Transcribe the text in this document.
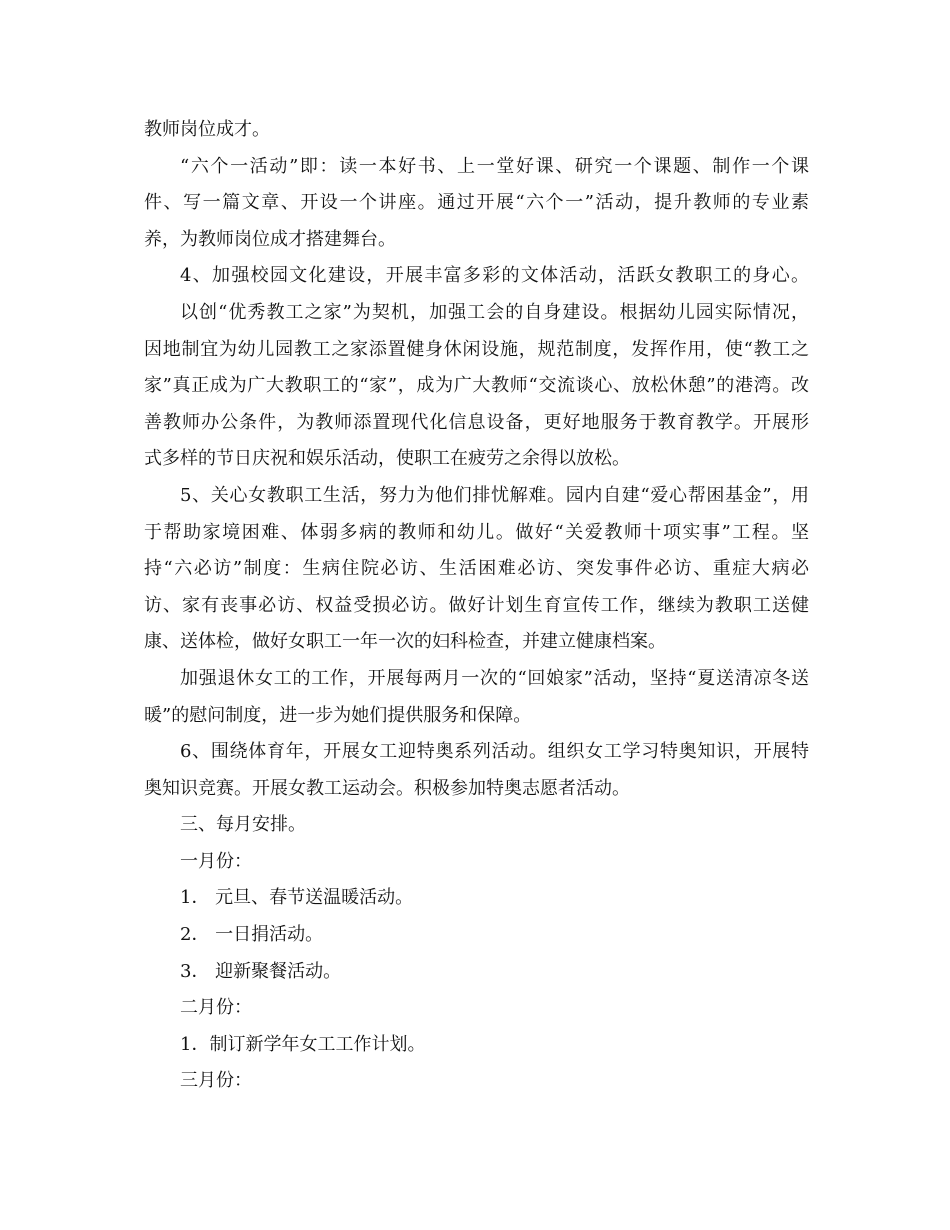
教师岗位成才。

“六个一活动”即：读一本好书、上一堂好课、研究一个课题、制作一个课

件、写一篇文章、开设一个讲座。通过开展“六个一”活动，提升教师的专业素

养，为教师岗位成才搭建舞台。

4、加强校园文化建设，开展丰富多彩的文体活动，活跃女教职工的身心。

以创“优秀教工之家”为契机，加强工会的自身建设。根据幼儿园实际情况，

因地制宜为幼儿园教工之家添置健身休闲设施，规范制度，发挥作用，使“教工之

家”真正成为广大教职工的“家”，成为广大教师“交流谈心、放松休憩”的港湾。改

善教师办公条件，为教师添置现代化信息设备，更好地服务于教育教学。开展形

式多样的节日庆祝和娱乐活动，使职工在疲劳之余得以放松。

5、关心女教职工生活，努力为他们排忧解难。园内自建“爱心帮困基金”，用

于帮助家境困难、体弱多病的教师和幼儿。做好“关爱教师十项实事”工程。坚

持“六必访”制度：生病住院必访、生活困难必访、突发事件必访、重症大病必

访、家有丧事必访、权益受损必访。做好计划生育宣传工作，继续为教职工送健

康、送体检，做好女职工一年一次的妇科检查，并建立健康档案。

加强退休女工的工作，开展每两月一次的“回娘家”活动，坚持“夏送清凉冬送

暖”的慰问制度，进一步为她们提供服务和保障。

6、围绕体育年，开展女工迎特奥系列活动。组织女工学习特奥知识，开展特

奥知识竞赛。开展女教工运动会。积极参加特奥志愿者活动。

三、每月安排。

一月份：

1． 元旦、春节送温暖活动。

2． 一日捐活动。

3． 迎新聚餐活动。

二月份：

1．制订新学年女工工作计划。

三月份：
